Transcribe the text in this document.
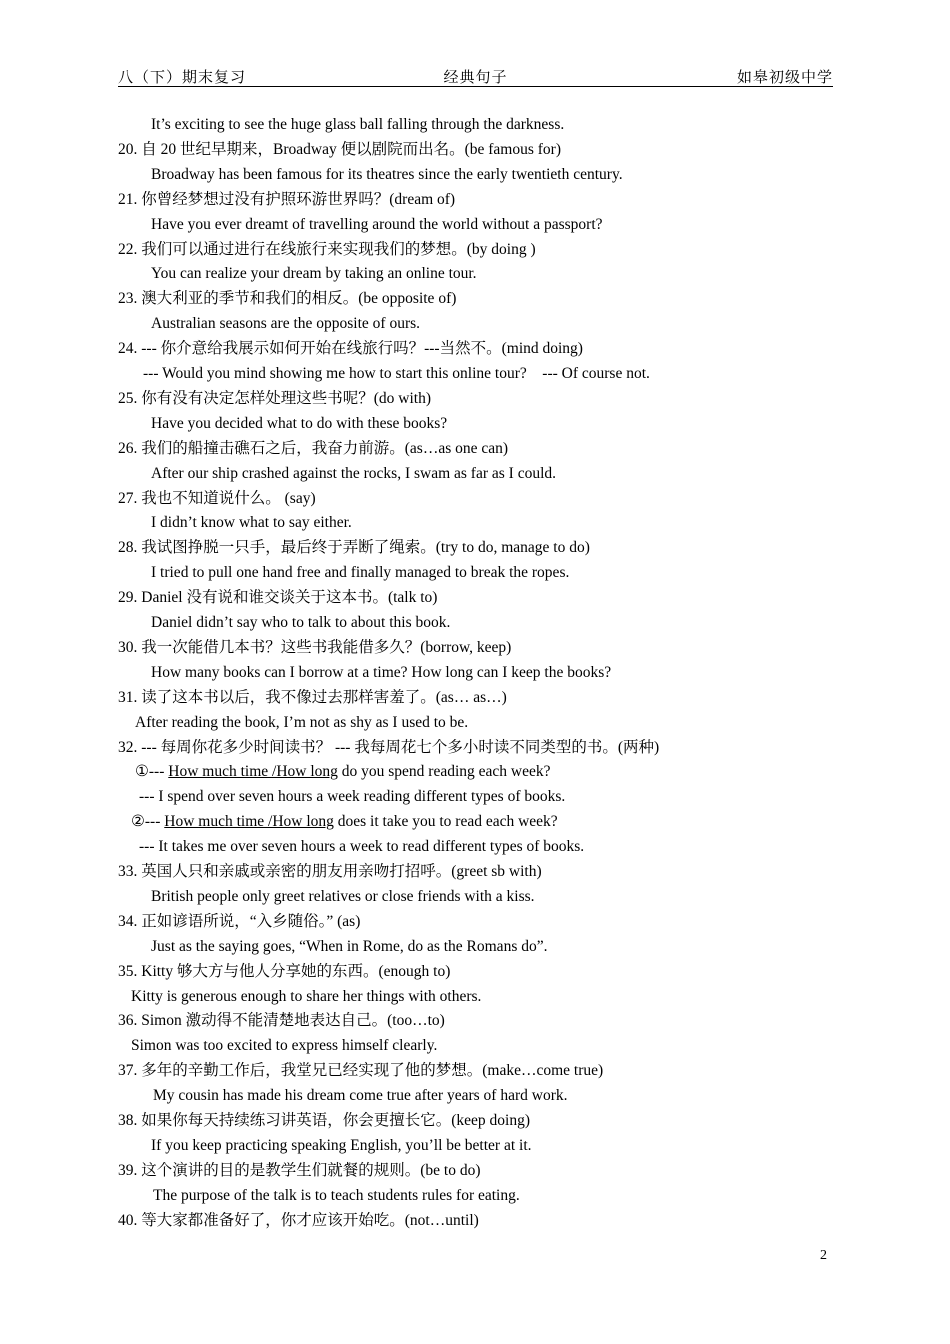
八（下）期末复习	经典句子	如皋初级中学
It’s exciting to see the huge glass ball falling through the darkness.
20. 自 20 世纪早期来，Broadway 便以剧院而出名。(be famous for)
Broadway has been famous for its theatres since the early twentieth century.
21. 你曾经梦想过没有护照环游世界吗？(dream of)
Have you ever dreamt of travelling around the world without a passport?
22. 我们可以通过进行在线旅行来实现我们的梦想。(by doing )
You can realize your dream by taking an online tour.
23. 澳大利亚的季节和我们的相反。(be opposite of)
Australian seasons are the opposite of ours.
24. --- 你介意给我展示如何开始在线旅行吗？---当然不。(mind doing)
--- Would you mind showing me how to start this online tour?    --- Of course not.
25. 你有没有决定怎样处理这些书呢？(do with)
Have you decided what to do with these books?
26. 我们的船撞击礁石之后，我奋力前游。(as…as one can)
After our ship crashed against the rocks, I swam as far as I could.
27. 我也不知道说什么。 (say)
I didn’t know what to say either.
28. 我试图挣脱一只手，最后终于弄断了绳索。(try to do, manage to do)
I tried to pull one hand free and finally managed to break the ropes.
29. Daniel 没有说和谁交谈关于这本书。(talk to)
Daniel didn’t say who to talk to about this book.
30. 我一次能借几本书？这些书我能借多久？(borrow, keep)
How many books can I borrow at a time? How long can I keep the books?
31. 读了这本书以后，我不像过去那样害羞了。(as… as…)
After reading the book, I’m not as shy as I used to be.
32. --- 每周你花多少时间读书？ --- 我每周花七个多小时读不同类型的书。(两种)
①--- How much time /How long do you spend reading each week?
--- I spend over seven hours a week reading different types of books.
②--- How much time /How long does it take you to read each week?
--- It takes me over seven hours a week to read different types of books.
33. 英国人只和亲戚或亲密的朋友用亲吻打招呼。(greet sb with)
British people only greet relatives or close friends with a kiss.
34. 正如谚语所说，“入乡随俗。” (as)
Just as the saying goes, “When in Rome, do as the Romans do”.
35. Kitty 够大方与他人分享她的东西。(enough to)
Kitty is generous enough to share her things with others.
36. Simon 激动得不能清楚地表达自己。(too…to)
Simon was too excited to express himself clearly.
37. 多年的辛勤工作后，我堂兄已经实现了他的梦想。(make…come true)
My cousin has made his dream come true after years of hard work.
38. 如果你每天持续练习讲英语，你会更擅长它。(keep doing)
If you keep practicing speaking English, you’ll be better at it.
39. 这个演讲的目的是教学生们就餐的规则。(be to do)
The purpose of the talk is to teach students rules for eating.
40. 等大家都准备好了，你才应该开始吃。(not…until)
2
